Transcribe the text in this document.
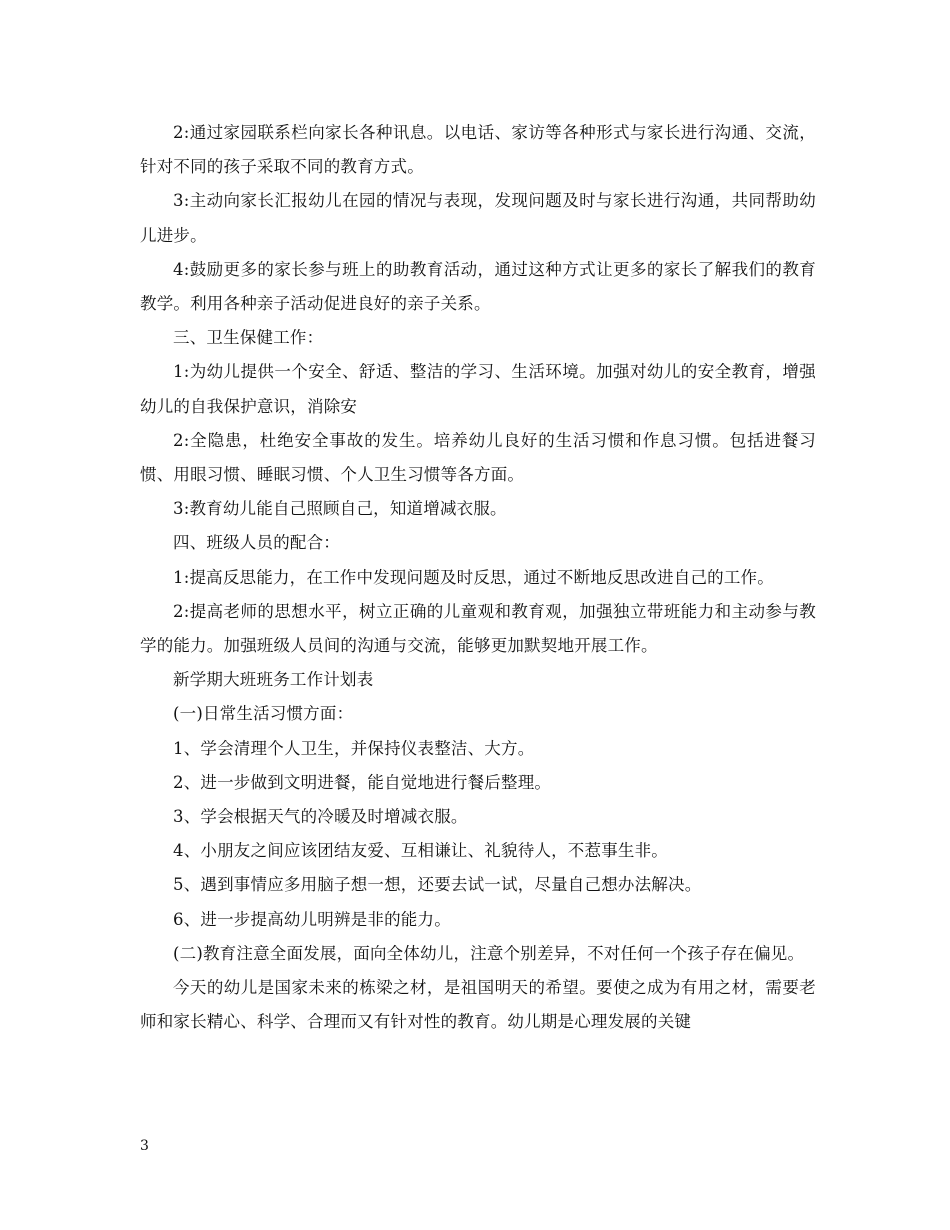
2:通过家园联系栏向家长各种讯息。以电话、家访等各种形式与家长进行沟通、交流，针对不同的孩子采取不同的教育方式。

3:主动向家长汇报幼儿在园的情况与表现，发现问题及时与家长进行沟通，共同帮助幼儿进步。

4:鼓励更多的家长参与班上的助教育活动，通过这种方式让更多的家长了解我们的教育教学。利用各种亲子活动促进良好的亲子关系。

三、卫生保健工作：

1:为幼儿提供一个安全、舒适、整洁的学习、生活环境。加强对幼儿的安全教育，增强幼儿的自我保护意识，消除安

2:全隐患，杜绝安全事故的发生。培养幼儿良好的生活习惯和作息习惯。包括进餐习惯、用眼习惯、睡眠习惯、个人卫生习惯等各方面。

3:教育幼儿能自己照顾自己，知道增减衣服。

四、班级人员的配合：

1:提高反思能力，在工作中发现问题及时反思，通过不断地反思改进自己的工作。

2:提高老师的思想水平，树立正确的儿童观和教育观，加强独立带班能力和主动参与教学的能力。加强班级人员间的沟通与交流，能够更加默契地开展工作。

新学期大班班务工作计划表

(一)日常生活习惯方面：

1、学会清理个人卫生，并保持仪表整洁、大方。

2、进一步做到文明进餐，能自觉地进行餐后整理。

3、学会根据天气的冷暖及时增减衣服。

4、小朋友之间应该团结友爱、互相谦让、礼貌待人，不惹事生非。

5、遇到事情应多用脑子想一想，还要去试一试，尽量自己想办法解决。

6、进一步提高幼儿明辨是非的能力。

(二)教育注意全面发展，面向全体幼儿，注意个别差异，不对任何一个孩子存在偏见。

今天的幼儿是国家未来的栋梁之材，是祖国明天的希望。要使之成为有用之材，需要老师和家长精心、科学、合理而又有针对性的教育。幼儿期是心理发展的关键

3
